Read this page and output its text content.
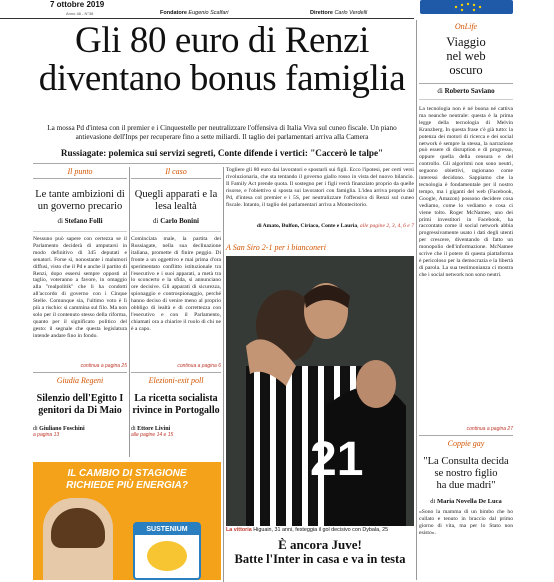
7 ottobre 2019
Anno 48 - N°38	Fondatore Eugenio Scalfari	Direttore Carlo Verdelli
Gli 80 euro di Renzi
diventano bonus famiglia
La mossa Pd d'intesa con il premier e i Cinquestelle per neutralizzare l'offensiva di Italia Viva sul cuneo fiscale. Un piano antievasione dell'Inps per recuperare fino a sette miliardi. Il taglio dei parlamentari arriva alla Camera
Russiagate: polemica sui servizi segreti, Conte difende i vertici: "Caccerò le talpe"
Il punto
Le tante ambizioni di un governo precario
di Stefano Folli
Nessuno può sapere con certezza se il Parlamento deciderà di amputarsi in modo definitivo di 345 deputati e senatori. Forse sì, nonostante i malumori diffusi, visto che il Pd e anche il partito di Renzi, dopo essersi sempre opposti al taglio, voteranno a favore, in omaggio alla "realpolitik" che li ha condotti all'accordo di governo con i Cinque Stelle. Comunque sia, l'ultimo voto è lì più a rischio: si cammina sul filo. Ma non solo per il contenuto stesso della riforma, quanto per il significato politico del gesto: il segnale che questa legislatura intende andare fino in fondo.
continua a pagina 25
Giudia Regeni
Silenzio dell'Egitto I genitori da Di Maio
di Giuliano Foschini
a pagina 13
Il caso
Quegli apparati e la lesa lealtà
di Carlo Bonini
Cominciata male, la partita dei Russiagate, nella sua declinazione italiana, promette di finire peggio. Di fronte a un oggettivo e mai prima d'ora sperimentato conflitto istituzionale tra l'esecutivo e i suoi apparati, a metà tra lo sconcerto e la sfida, si annunciano ore decisive. Gli apparati di sicurezza, spionaggio e controspionaggio, perché hanno deciso di venire meno al proprio obbligo di lealtà e di correttezza con l'esecutivo e con il Parlamento, chiamati ora a chiarire il ruolo di chi ne è a capo.
continua a pagina 6
Elezioni-exit poll
La ricetta socialista rivince in Portogallo
di Ettore Livini
alle pagine 14 e 15
IL CAMBIO DI STAGIONE
RICHIEDE PIÙ ENERGIA?
SUSTENIUM
Togliere gli 80 euro dai lavoratori e spostarli sui figli. Ecco l'ipotesi, per certi versi rivoluzionaria, che sta tentando il governo giallo rosso in vista del nuovo bilancio. Il Family Act prende quota. Il sostegno per i figli verrà finanziato proprio da quelle risorse, e l'obiettivo si sposta sui lavoratori con famiglia. L'idea arriva proprio dal Pd, d'intesa col premier e i 5S, per neutralizzare l'offensiva di Renzi sul cuneo fiscale. Intanto, il taglio dei parlamentari arriva a Montecitorio.
di Amato, Bulfon, Ciriaco, Conte e Lauria, alle pagine 2, 3, 4, 6 e 7
A San Siro 2-1 per i bianconeri
21
La vittoria Higuain, 31 anni, festeggia il gol decisivo con Dybala, 25
È ancora Juve!
Batte l'Inter in casa e va in testa
OnLife
Viaggio
nel web
oscuro
di Roberto Saviano
La tecnologia non è né buona né cattiva ma neanche neutrale: questa è la prima legge della tecnologia di Melvin Kranzberg. In questa frase c'è già tutto: la potenza dei motori di ricerca e dei social network è sempre la stessa, la narrazione può essere di disruption e di progresso, oppure quella della censura e del controllo. Gli algoritmi non sono neutri, seguono obiettivi, ragionano come interessi decidono. Sappiamo che la tecnologia è fondamentale per il nostro tempo, ma i giganti del web (Facebook, Google, Amazon) possono decidere cosa vediamo, come lo vediamo e cosa ci viene tolto. Roger McNamee, uno dei primi investitori in Facebook, ha raccontato come il social network abbia progressivamente usato i dati degli utenti per crescere, diventando di fatto un monopolio dell'informazione. McNamee scrive che il potere di questa piattaforma è pericoloso per la democrazia e la libertà di parola. La sua testimonianza ci mostra che i social network non sono neutri.
continua a pagina 27
Coppie gay
"La Consulta decida
se nostro figlio
ha due madri"
di Maria Novella De Luca
«Sono la mamma di un bimbo che ho cullato e tenuto in braccio dal primo giorno di vita, ma per lo Stato non esisto».
